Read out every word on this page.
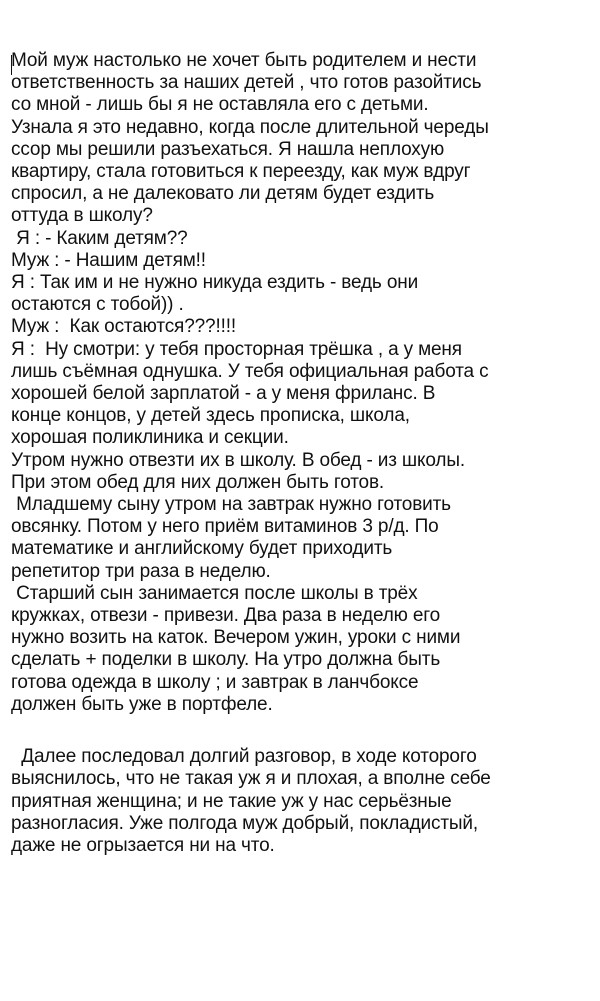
Мой муж настолько не хочет быть родителем и нести
ответственность за наших детей , что готов разойтись
со мной - лишь бы я не оставляла его с детьми.
Узнала я это недавно, когда после длительной череды
ссор мы решили разъехаться. Я нашла неплохую
квартиру, стала готовиться к переезду, как муж вдруг
спросил, а не далековато ли детям будет ездить
оттуда в школу?
Я : - Каким детям??
Муж : - Нашим детям!!
Я : Так им и не нужно никуда ездить - ведь они
остаются с тобой)) .
Муж :  Как остаются???!!!!
Я :  Ну смотри: у тебя просторная трёшка , а у меня
лишь съёмная однушка. У тебя официальная работа с
хорошей белой зарплатой - а у меня фриланс. В
конце концов, у детей здесь прописка, школа,
хорошая поликлиника и секции.
Утром нужно отвезти их в школу. В обед - из школы.
При этом обед для них должен быть готов.
Младшему сыну утром на завтрак нужно готовить
овсянку. Потом у него приём витаминов 3 р/д. По
математике и английскому будет приходить
репетитор три раза в неделю.
Старший сын занимается после школы в трёх
кружках, отвези - привези. Два раза в неделю его
нужно возить на каток. Вечером ужин, уроки с ними
сделать + поделки в школу. На утро должна быть
готова одежда в школу ; и завтрак в ланчбоксе
должен быть уже в портфеле.
Далее последовал долгий разговор, в ходе которого
выяснилось, что не такая уж я и плохая, а вполне себе
приятная женщина; и не такие уж у нас серьёзные
разногласия. Уже полгода муж добрый, покладистый,
даже не огрызается ни на что.
